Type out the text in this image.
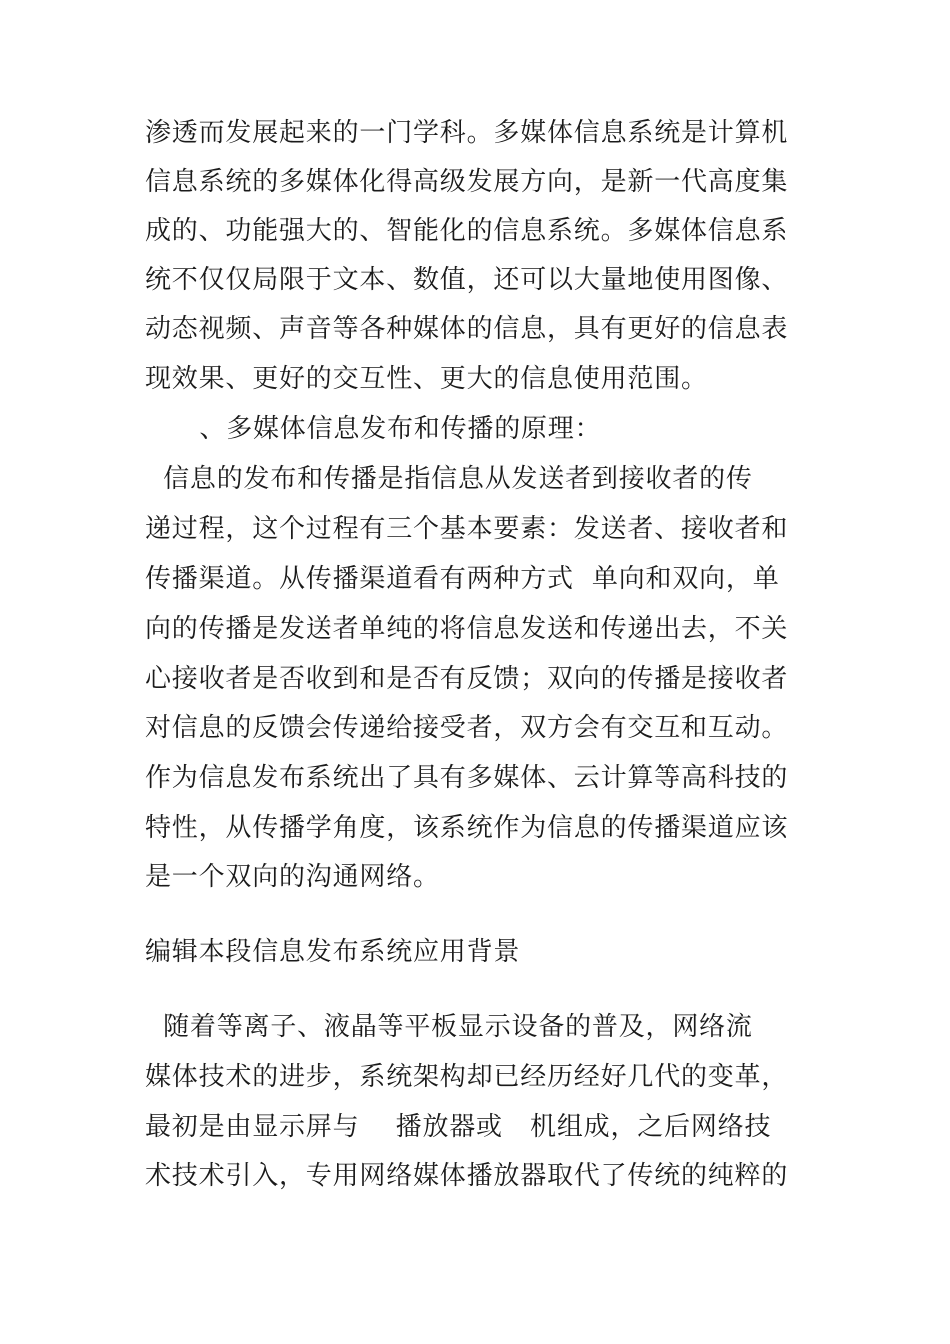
渗透而发展起来的一门学科。多媒体信息系统是计算机

信息系统的多媒体化得高级发展方向，是新一代高度集

成的、功能强大的、智能化的信息系统。多媒体信息系

统不仅仅局限于文本、数值，还可以大量地使用图像、

动态视频、声音等各种媒体的信息，具有更好的信息表

现效果、更好的交互性、更大的信息使用范围。

、多媒体信息发布和传播的原理：

信息的发布和传播是指信息从发送者到接收者的传

递过程，这个过程有三个基本要素：发送者、接收者和

传播渠道。从传播渠道看有两种方式  单向和双向，单

向的传播是发送者单纯的将信息发送和传递出去，不关

心接收者是否收到和是否有反馈；双向的传播是接收者

对信息的反馈会传递给接受者，双方会有交互和互动。

作为信息发布系统出了具有多媒体、云计算等高科技的

特性，从传播学角度，该系统作为信息的传播渠道应该

是一个双向的沟通网络。

编辑本段信息发布系统应用背景

随着等离子、液晶等平板显示设备的普及，网络流

媒体技术的进步，系统架构却已经历经好几代的变革，

最初是由显示屏与    播放器或   机组成，之后网络技

术技术引入，专用网络媒体播放器取代了传统的纯粹的
